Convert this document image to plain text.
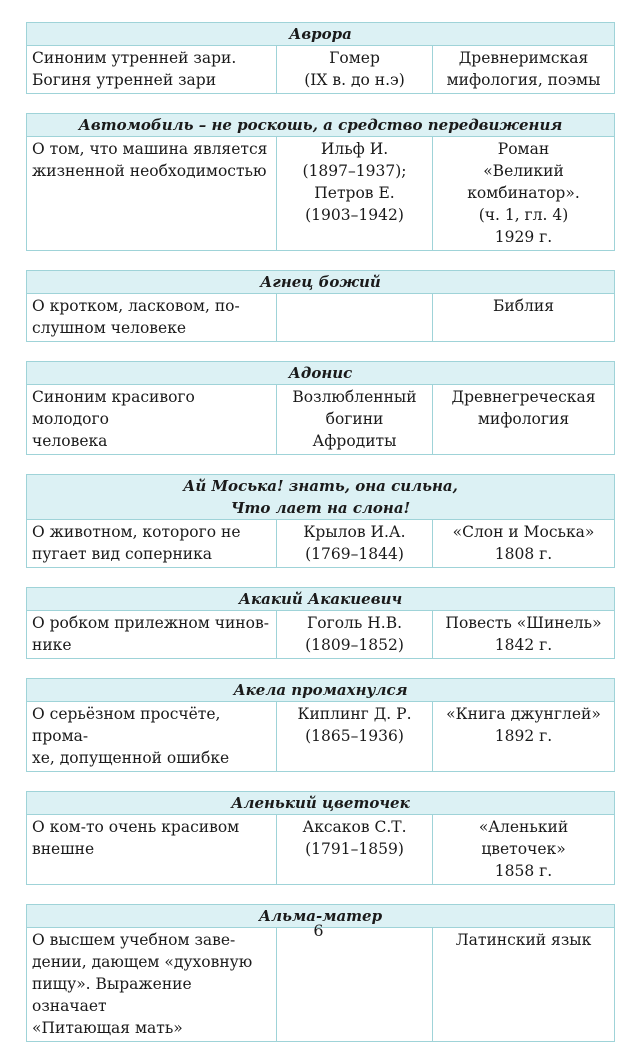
Аврора
Синоним утренней зари.
Богиня утренней зари
Гомер
(IX в. до н.э)
Древнеримская
мифология, поэмы
Автомобиль – не роскошь, а средство передвижения
О том, что машина является
жизненной необходимостью
Ильф И.
(1897–1937);
Петров Е.
(1903–1942)
Роман
«Великий комбинатор».
(ч. 1, гл. 4)
1929 г.
Агнец божий
О кротком, ласковом, по-
слушном человеке
Библия
Адонис
Синоним красивого молодого
человека
Возлюбленный
богини Афродиты
Древнегреческая
мифология
Ай Моська! знать, она сильна,
Что лает на слона!
О животном, которого не
пугает вид соперника
Крылов И.А.
(1769–1844)
«Слон и Моська»
1808 г.
Акакий Акакиевич
О робком прилежном чинов-
нике
Гоголь Н.В.
(1809–1852)
Повесть «Шинель»
1842 г.
Акела промахнулся
О серьёзном просчёте, прома-
хе, допущенной ошибке
Киплинг Д. Р.
(1865–1936)
«Книга джунглей»
1892 г.
Аленький цветочек
О ком-то очень красивом
внешне
Аксаков С.Т.
(1791–1859)
«Аленький цветочек»
1858 г.
Альма-матер
О высшем учебном заве-
дении, дающем «духовную
пищу». Выражение означает
«Питающая мать»
Латинский язык
6
